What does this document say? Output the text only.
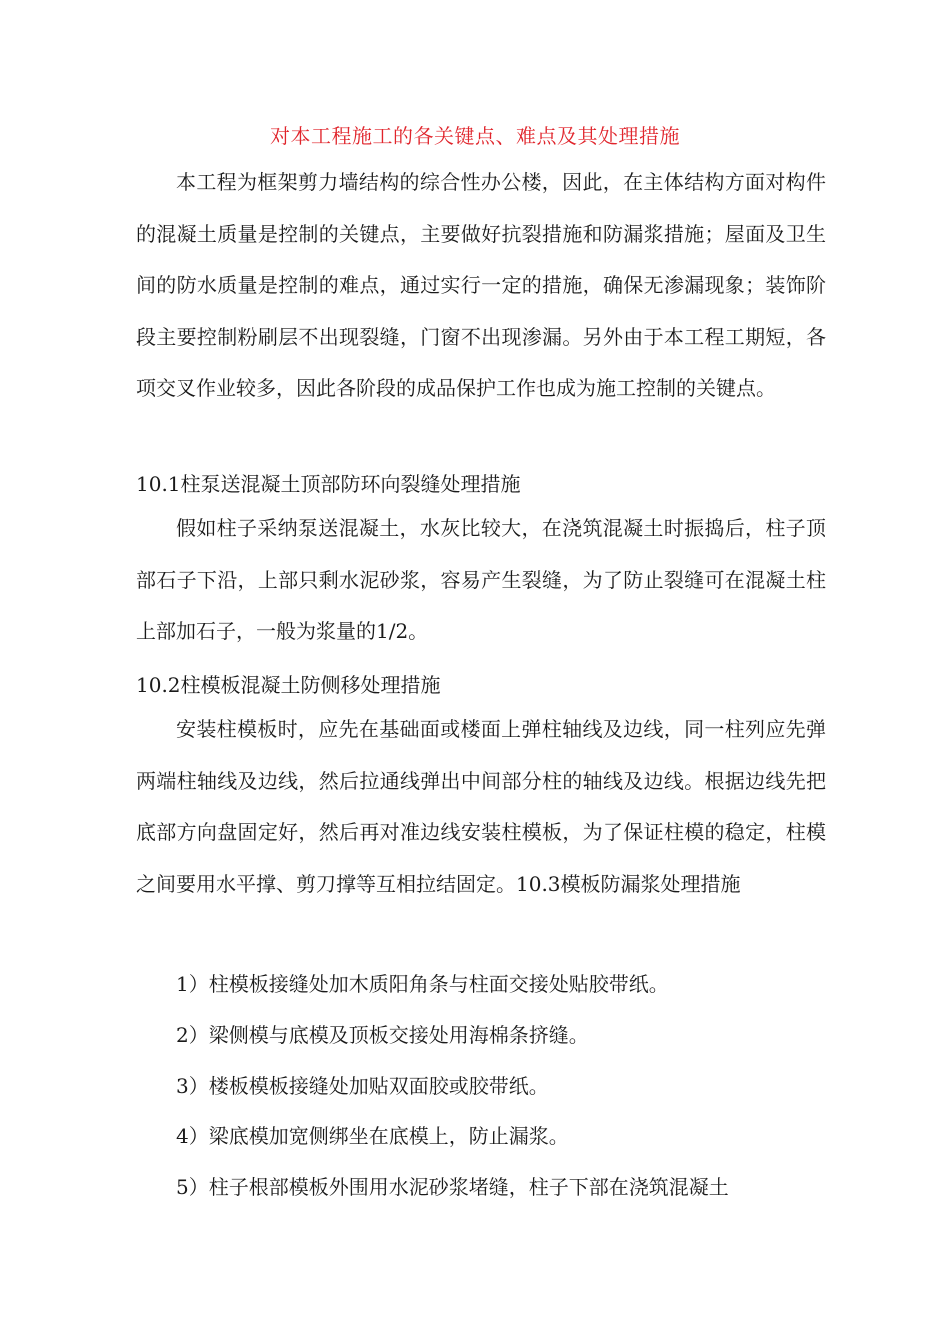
对本工程施工的各关键点、难点及其处理措施

本工程为框架剪力墙结构的综合性办公楼，因此，在主体结构方面对构件的混凝土质量是控制的关键点，主要做好抗裂措施和防漏浆措施；屋面及卫生间的防水质量是控制的难点，通过实行一定的措施，确保无渗漏现象；装饰阶段主要控制粉刷层不出现裂缝，门窗不出现渗漏。另外由于本工程工期短，各项交叉作业较多，因此各阶段的成品保护工作也成为施工控制的关键点。

10.1柱泵送混凝土顶部防环向裂缝处理措施

假如柱子采纳泵送混凝土，水灰比较大，在浇筑混凝土时振捣后，柱子顶部石子下沿，上部只剩水泥砂浆，容易产生裂缝，为了防止裂缝可在混凝土柱上部加石子，一般为浆量的1/2。

10.2柱模板混凝土防侧移处理措施

安装柱模板时，应先在基础面或楼面上弹柱轴线及边线，同一柱列应先弹两端柱轴线及边线，然后拉通线弹出中间部分柱的轴线及边线。根据边线先把底部方向盘固定好，然后再对准边线安装柱模板，为了保证柱模的稳定，柱模之间要用水平撑、剪刀撑等互相拉结固定。10.3模板防漏浆处理措施

1）柱模板接缝处加木质阳角条与柱面交接处贴胶带纸。

2）梁侧模与底模及顶板交接处用海棉条挤缝。

3）楼板模板接缝处加贴双面胶或胶带纸。

4）梁底模加宽侧绑坐在底模上，防止漏浆。

5）柱子根部模板外围用水泥砂浆堵缝，柱子下部在浇筑混凝土
